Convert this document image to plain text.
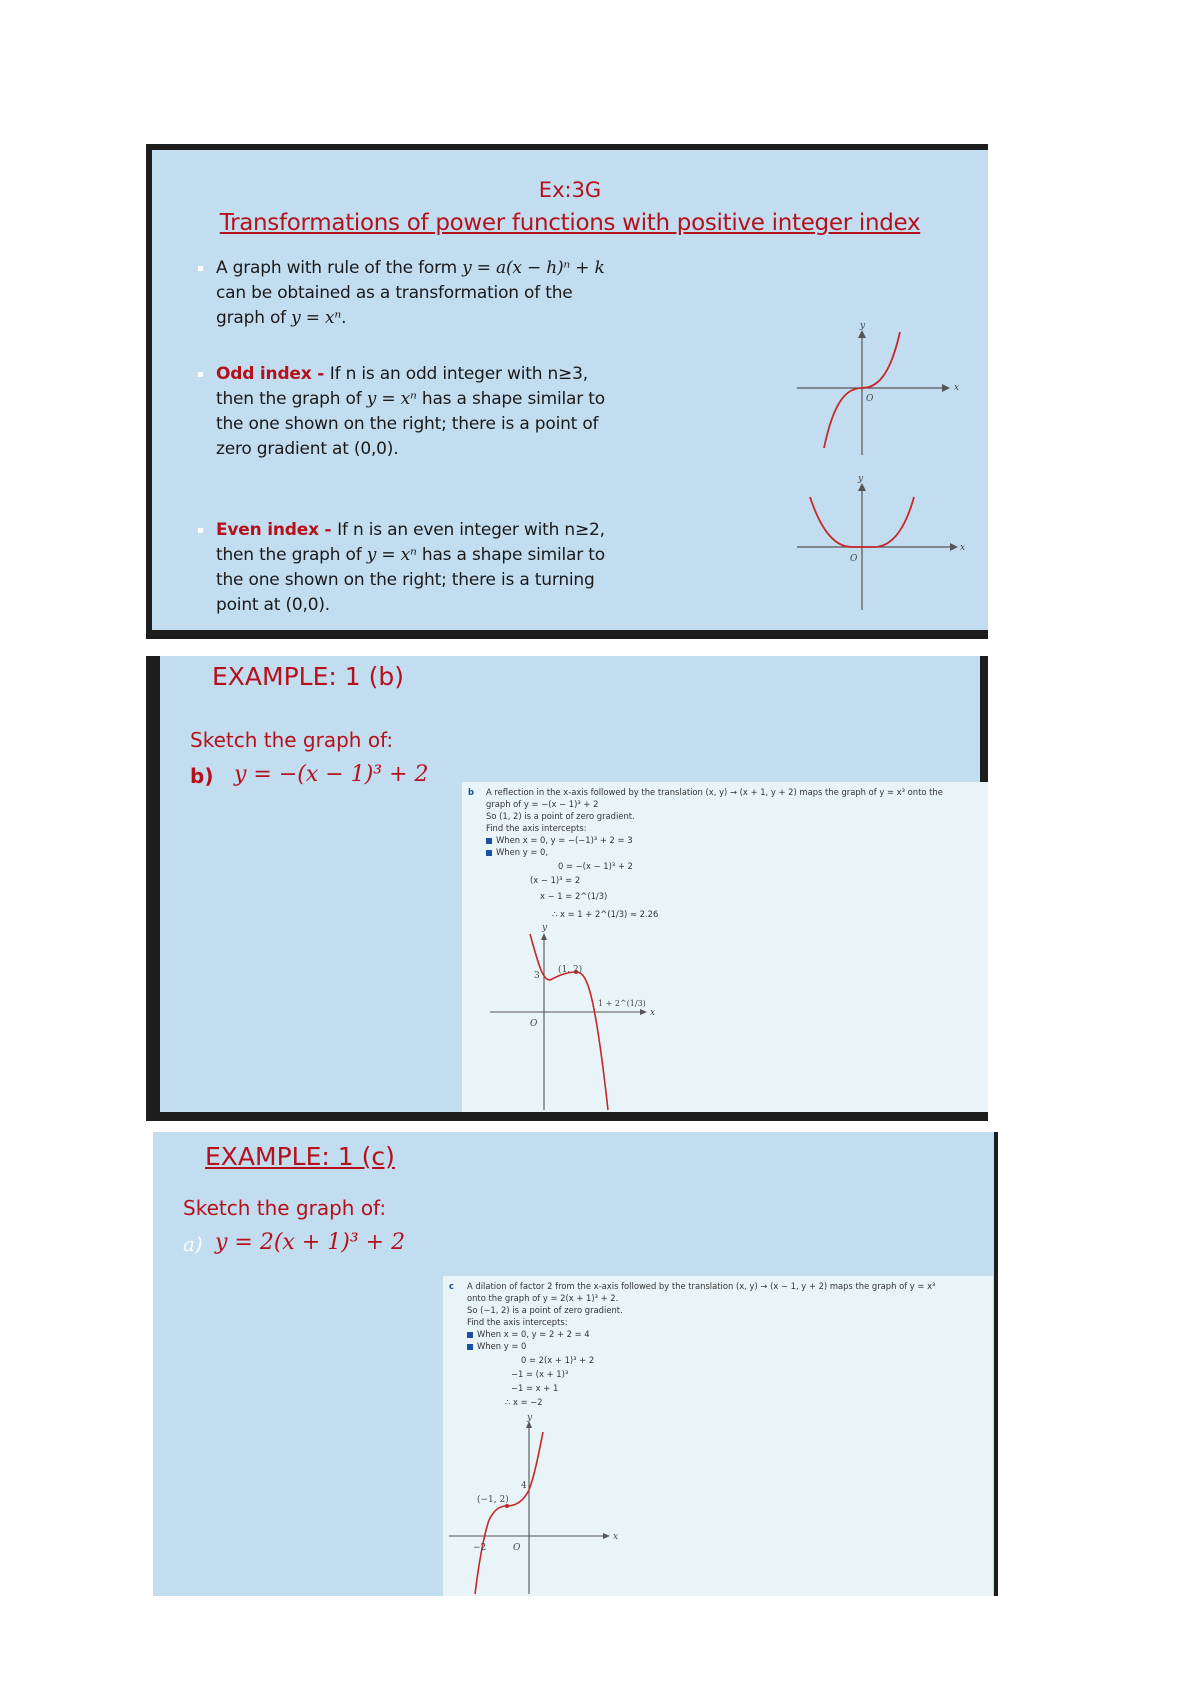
Ex:3G
Transformations of power functions with positive integer index
A graph with rule of the form y = a(x − h)ⁿ + k can be obtained as a transformation of the graph of y = xⁿ.
Odd index - If n is an odd integer with n≥3, then the graph of y = xⁿ has a shape similar to the one shown on the right; there is a point of zero gradient at (0,0).
Even index - If n is an even integer with n≥2, then the graph of y = xⁿ has a shape similar to the one shown on the right; there is a turning point at (0,0).
y
x
O
y
x
O
EXAMPLE: 1 (b)
Sketch the graph of:
b) y = −(x − 1)³ + 2
b A reflection in the x-axis followed by the translation (x, y) → (x + 1, y + 2) maps the graph of y = x³ onto the
graph of y = −(x − 1)³ + 2
So (1, 2) is a point of zero gradient.
Find the axis intercepts:
When x = 0, y = −(−1)³ + 2 = 3
When y = 0,
0 = −(x − 1)³ + 2
(x − 1)³ = 2
x − 1 = 2^(1/3)
∴ x = 1 + 2^(1/3) ≈ 2.26
y
x
O
3
(1, 2)
1 + 2^(1/3)
EXAMPLE: 1 (c)
Sketch the graph of:
a) y = 2(x + 1)³ + 2
c A dilation of factor 2 from the x-axis followed by the translation (x, y) → (x − 1, y + 2) maps the graph of y = x³
onto the graph of y = 2(x + 1)³ + 2.
So (−1, 2) is a point of zero gradient.
Find the axis intercepts:
When x = 0, y = 2 + 2 = 4
When y = 0
0 = 2(x + 1)³ + 2
−1 = (x + 1)³
−1 = x + 1
∴ x = −2
y
x
O
4
(−1, 2)
−2
